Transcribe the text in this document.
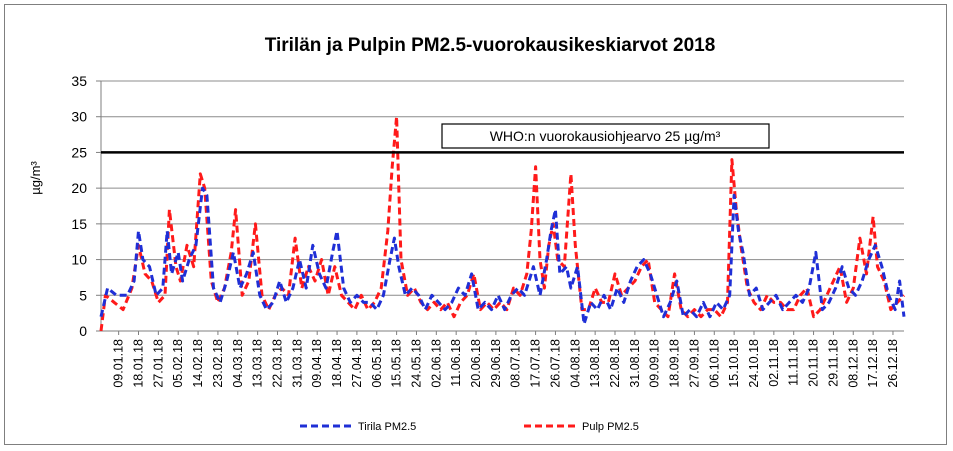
Tirilän ja Pulpin PM2.5-vuorokausikeskiarvot 2018
µg/m³
0
5
10
15
20
25
30
35
09.01.18 18.01.18 27.01.18 05.02.18 14.02.18 23.02.18 04.03.18 13.03.18 22.03.18 31.03.18 09.04.18 18.04.18 27.04.18 06.05.18 15.05.18 24.05.18 02.06.18 11.06.18 20.06.18 29.06.18 08.07.18 17.07.18 26.07.18 04.08.18 13.08.18 22.08.18 31.08.18 09.09.18 18.09.18 27.09.18 06.10.18 15.10.18 24.10.18 02.11.18 11.11.18 20.11.18 29.11.18 08.12.18 17.12.18 26.12.18
WHO:n vuorokausiohjearvo 25 µg/m³
Tirila PM2.5	Pulp PM2.5
